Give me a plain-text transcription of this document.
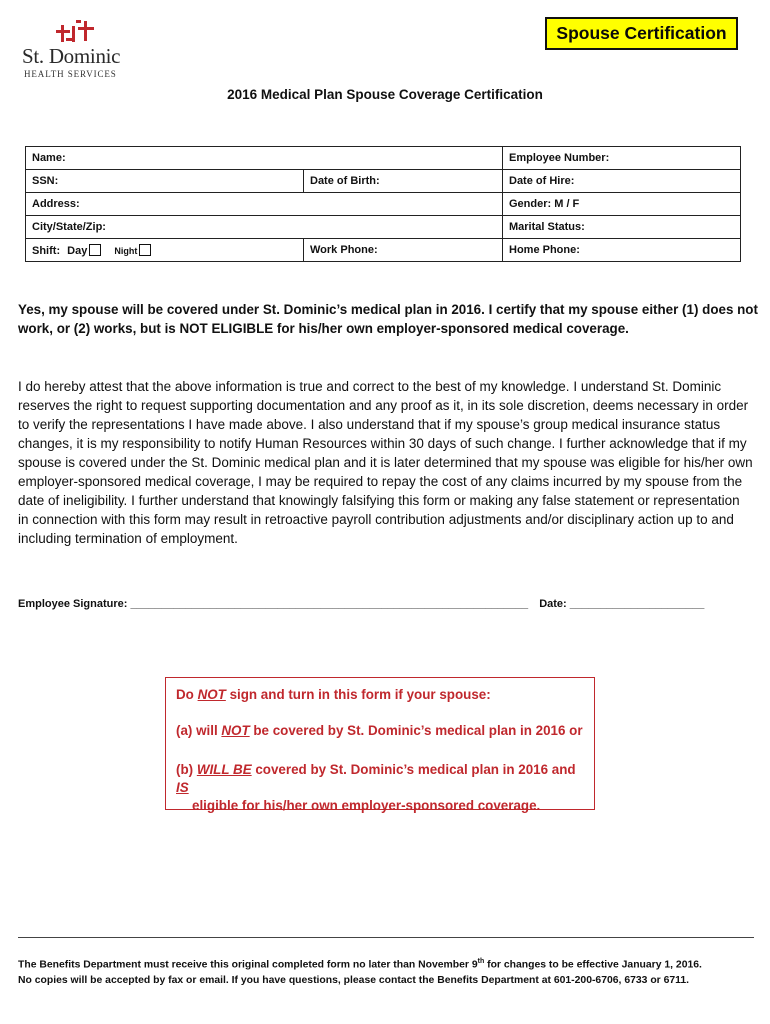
St. Dominic
HEALTH SERVICES
Spouse Certification
2016 Medical Plan Spouse Coverage Certification
Name:		Employee Number:
SSN:	Date of Birth:	Date of Hire:
Address:		Gender: M / F
City/State/Zip:		Marital Status:
Shift: Day Night	Work Phone:	Home Phone:
Yes, my spouse will be covered under St. Dominic’s medical plan in 2016. I certify that my spouse either (1) does not work, or (2) works, but is NOT ELIGIBLE for his/her own employer-sponsored medical coverage.
I do hereby attest that the above information is true and correct to the best of my knowledge. I understand St. Dominic reserves the right to request supporting documentation and any proof as it, in its sole discretion, deems necessary in order to verify the representations I have made above. I also understand that if my spouse’s group medical insurance status changes, it is my responsibility to notify Human Resources within 30 days of such change. I further acknowledge that if my spouse is covered under the St. Dominic medical plan and it is later determined that my spouse was eligible for his/her own employer-sponsored medical coverage, I may be required to repay the cost of any claims incurred by my spouse from the date of ineligibility. I further understand that knowingly falsifying this form or making any false statement or representation in connection with this form may result in retroactive payroll contribution adjustments and/or disciplinary action up to and including termination of employment.
Employee Signature: _________________________________________________________________ Date: ______________________

Do NOT sign and turn in this form if your spouse:

(a) will NOT be covered by St. Dominic’s medical plan in 2016 or

(b) WILL BE covered by St. Dominic’s medical plan in 2016 and IS
eligible for his/her own employer-sponsored coverage.

The Benefits Department must receive this original completed form no later than November 9th for changes to be effective January 1, 2016.
No copies will be accepted by fax or email. If you have questions, please contact the Benefits Department at 601-200-6706, 6733 or 6711.
